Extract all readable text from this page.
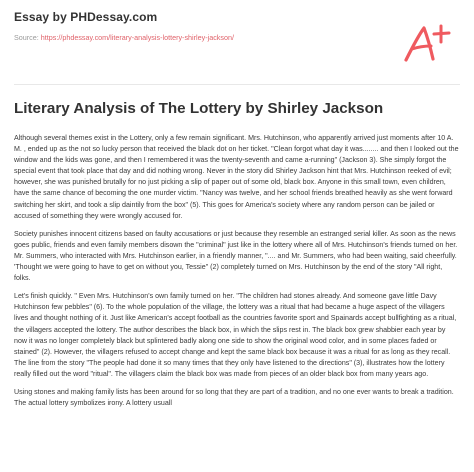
Essay by PHDessay.com
Source: https://phdessay.com/literary-analysis-lottery-shirley-jackson/
Literary Analysis of The Lottery by Shirley Jackson

Although several themes exist in the Lottery, only a few remain significant. Mrs. Hutchinson, who apparently arrived just moments after 10 A. M. , ended up as the not so lucky person that received the black dot on her ticket. "Clean forgot what day it was........ and then I looked out the window and the kids was gone, and then I remembered it was the twenty-seventh and came a-running" (Jackson 3). She simply forgot the special event that took place that day and did nothing wrong. Never in the story did Shirley Jackson hint that Mrs. Hutchinson reeked of evil; however, she was punished brutally for no just picking a slip of paper out of some old, black box. Anyone in this small town, even children, have the same chance of becoming the one murder victim. "Nancy was twelve, and her school friends breathed heavily as she went forward switching her skirt, and took a slip daintily from the box" (5). This goes for America's society where any random person can be jailed or accused of something they were wrongly accused for.

Society punishes innocent citizens based on faulty accusations or just because they resemble an estranged serial killer. As soon as the news goes public, friends and even family members disown the "criminal" just like in the lottery where all of Mrs. Hutchinson's friends turned on her. Mr. Summers, who interacted with Mrs. Hutchinson earlier, in a friendly manner, ".... and Mr. Summers, who had been waiting, said cheerfully. 'Thought we were going to have to get on without you, Tessie" (2) completely turned on Mrs. Hutchinson by the end of the story "All right, folks.

Let's finish quickly. " Even Mrs. Hutchinson's own family turned on her. "The children had stones already. And someone gave little Davy Hutchinson few pebbles" (6). To the whole population of the village, the lottery was a ritual that had became a huge aspect of the villagers lives and thought nothing of it. Just like American's accept football as the countries favorite sport and Spainards accept bullfighting as a ritual, the villagers accepted the lottery. The author describes the black box, in which the slips rest in. The black box grew shabbier each year by now it was no longer completely black but splintered badly along one side to show the original wood color, and in some places faded or stained" (2). However, the villagers refused to accept change and kept the same black box because it was a ritual for as long as they recall. The line from the story "The people had done it so many times that they only have listened to the directions" (3), illustrates how the lottery really filled out the word "ritual". The villagers claim the black box was made from pieces of an older black box from many years ago.

Using stones and making family lists has been around for so long that they are part of a tradition, and no one ever wants to break a tradition. The actual lottery symbolizes irony. A lottery usuall
